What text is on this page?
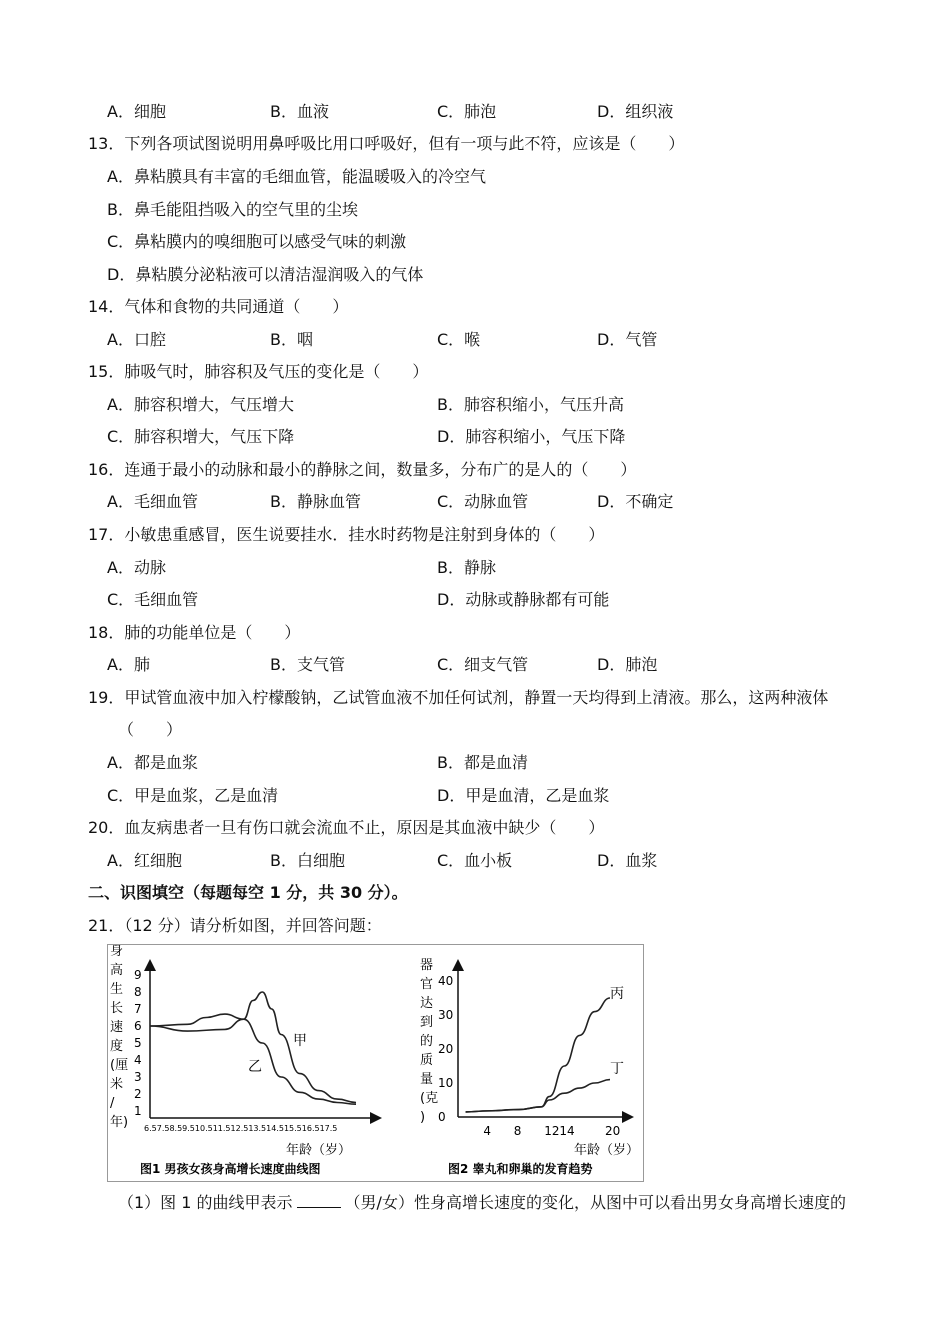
A．细胞	B．血液	C．肺泡	D．组织液
13．下列各项试图说明用鼻呼吸比用口呼吸好，但有一项与此不符，应该是（　　）
A．鼻粘膜具有丰富的毛细血管，能温暖吸入的冷空气
B．鼻毛能阻挡吸入的空气里的尘埃
C．鼻粘膜内的嗅细胞可以感受气味的刺激
D．鼻粘膜分泌粘液可以清洁湿润吸入的气体
14．气体和食物的共同通道（　　）
A．口腔	B．咽	C．喉	D．气管
15．肺吸气时，肺容积及气压的变化是（　　）
A．肺容积增大，气压增大	B．肺容积缩小，气压升高
C．肺容积增大，气压下降	D．肺容积缩小，气压下降
16．连通于最小的动脉和最小的静脉之间，数量多，分布广的是人的（　　）
A．毛细血管	B．静脉血管	C．动脉血管	D．不确定
17．小敏患重感冒，医生说要挂水．挂水时药物是注射到身体的（　　）
A．动脉	B．静脉
C．毛细血管	D．动脉或静脉都有可能
18．肺的功能单位是（　　）
A．肺	B．支气管	C．细支气管	D．肺泡
19．甲试管血液中加入柠檬酸钠，乙试管血液不加任何试剂，静置一天均得到上清液。那么，这两种液体
（　　）
A．都是血浆	B．都是血清
C．甲是血浆，乙是血清	D．甲是血清，乙是血浆
20．血友病患者一旦有伤口就会流血不止，原因是其血液中缺少（　　）
A．红细胞	B．白细胞	C．血小板	D．血浆
二、识图填空（每题每空 1 分，共 30 分）。
21．（12 分）请分析如图，并回答问题：
身高生 长速度 (厘米/ 年)
1
2
3
4
5
6
7
8
9
6.57.58.59.510.511.512.513.514.515.516.517.5
甲
乙
年龄（岁）
图1 男孩女孩身高增长速度曲线图
器官达 到的质 量(克)	0
10
20
30
40
4 8 12 14	20
丙
丁
年龄（岁）
图2 睾丸和卵巢的发育趋势
（1）图 1 的曲线甲表示	（男/女）性身高增长速度的变化，从图中可以看出男女身高增长速度的
